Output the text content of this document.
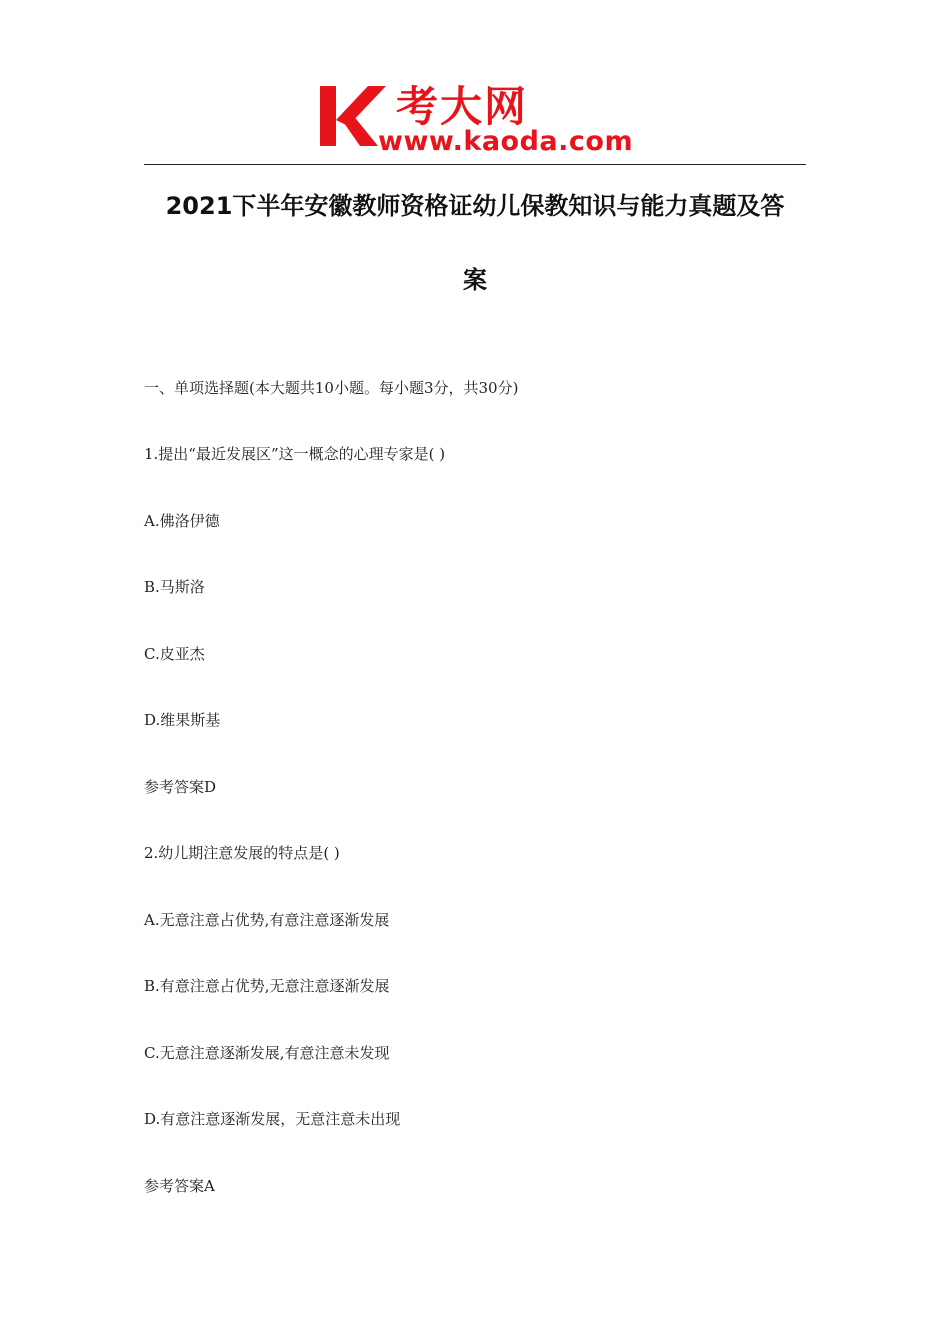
考大网
www.kaoda.com
2021下半年安徽教师资格证幼儿保教知识与能力真题及答
案
一、单项选择题(本大题共10小题。每小题3分，共30分)
1.提出“最近发展区”这一概念的心理专家是( )
A.佛洛伊德
B.马斯洛
C.皮亚杰
D.维果斯基
参考答案D
2.幼儿期注意发展的特点是( )
A.无意注意占优势,有意注意逐渐发展
B.有意注意占优势,无意注意逐渐发展
C.无意注意逐渐发展,有意注意未发现
D.有意注意逐渐发展，无意注意未出现
参考答案A
